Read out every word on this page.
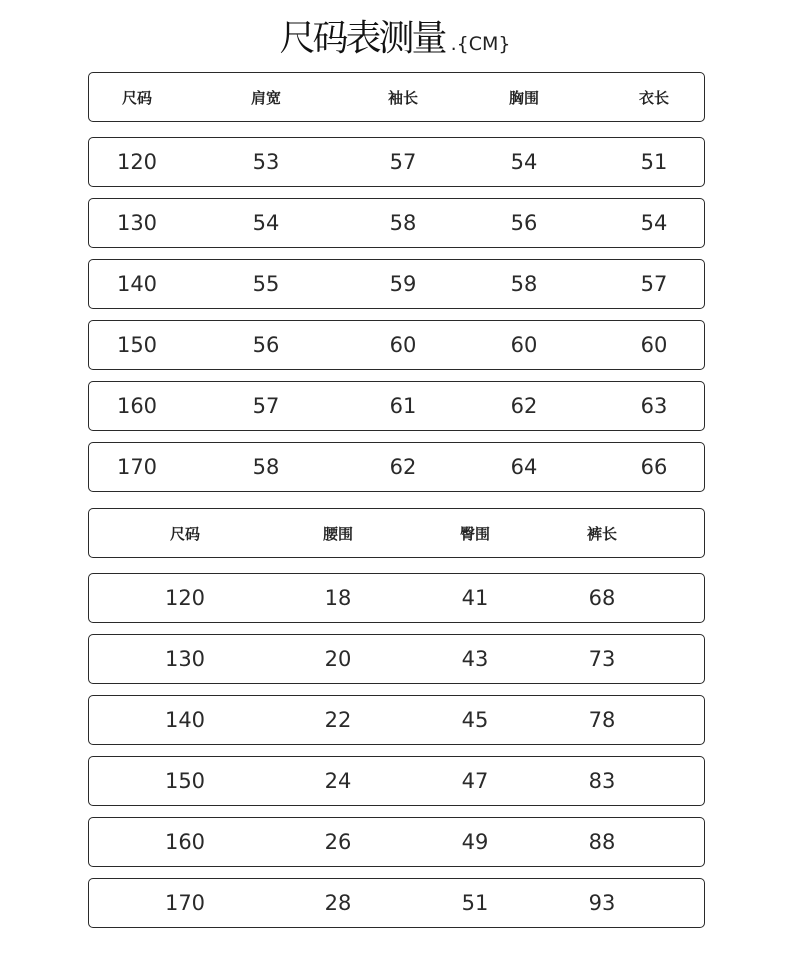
尺码表测量 .{CM}
尺码	肩宽	袖长	胸围	衣长
120	53	57	54	51
130	54	58	56	54
140	55	59	58	57
150	56	60	60	60
160	57	61	62	63
170	58	62	64	66
尺码	腰围	臀围	裤长
120	18	41	68
130	20	43	73
140	22	45	78
150	24	47	83
160	26	49	88
170	28	51	93
